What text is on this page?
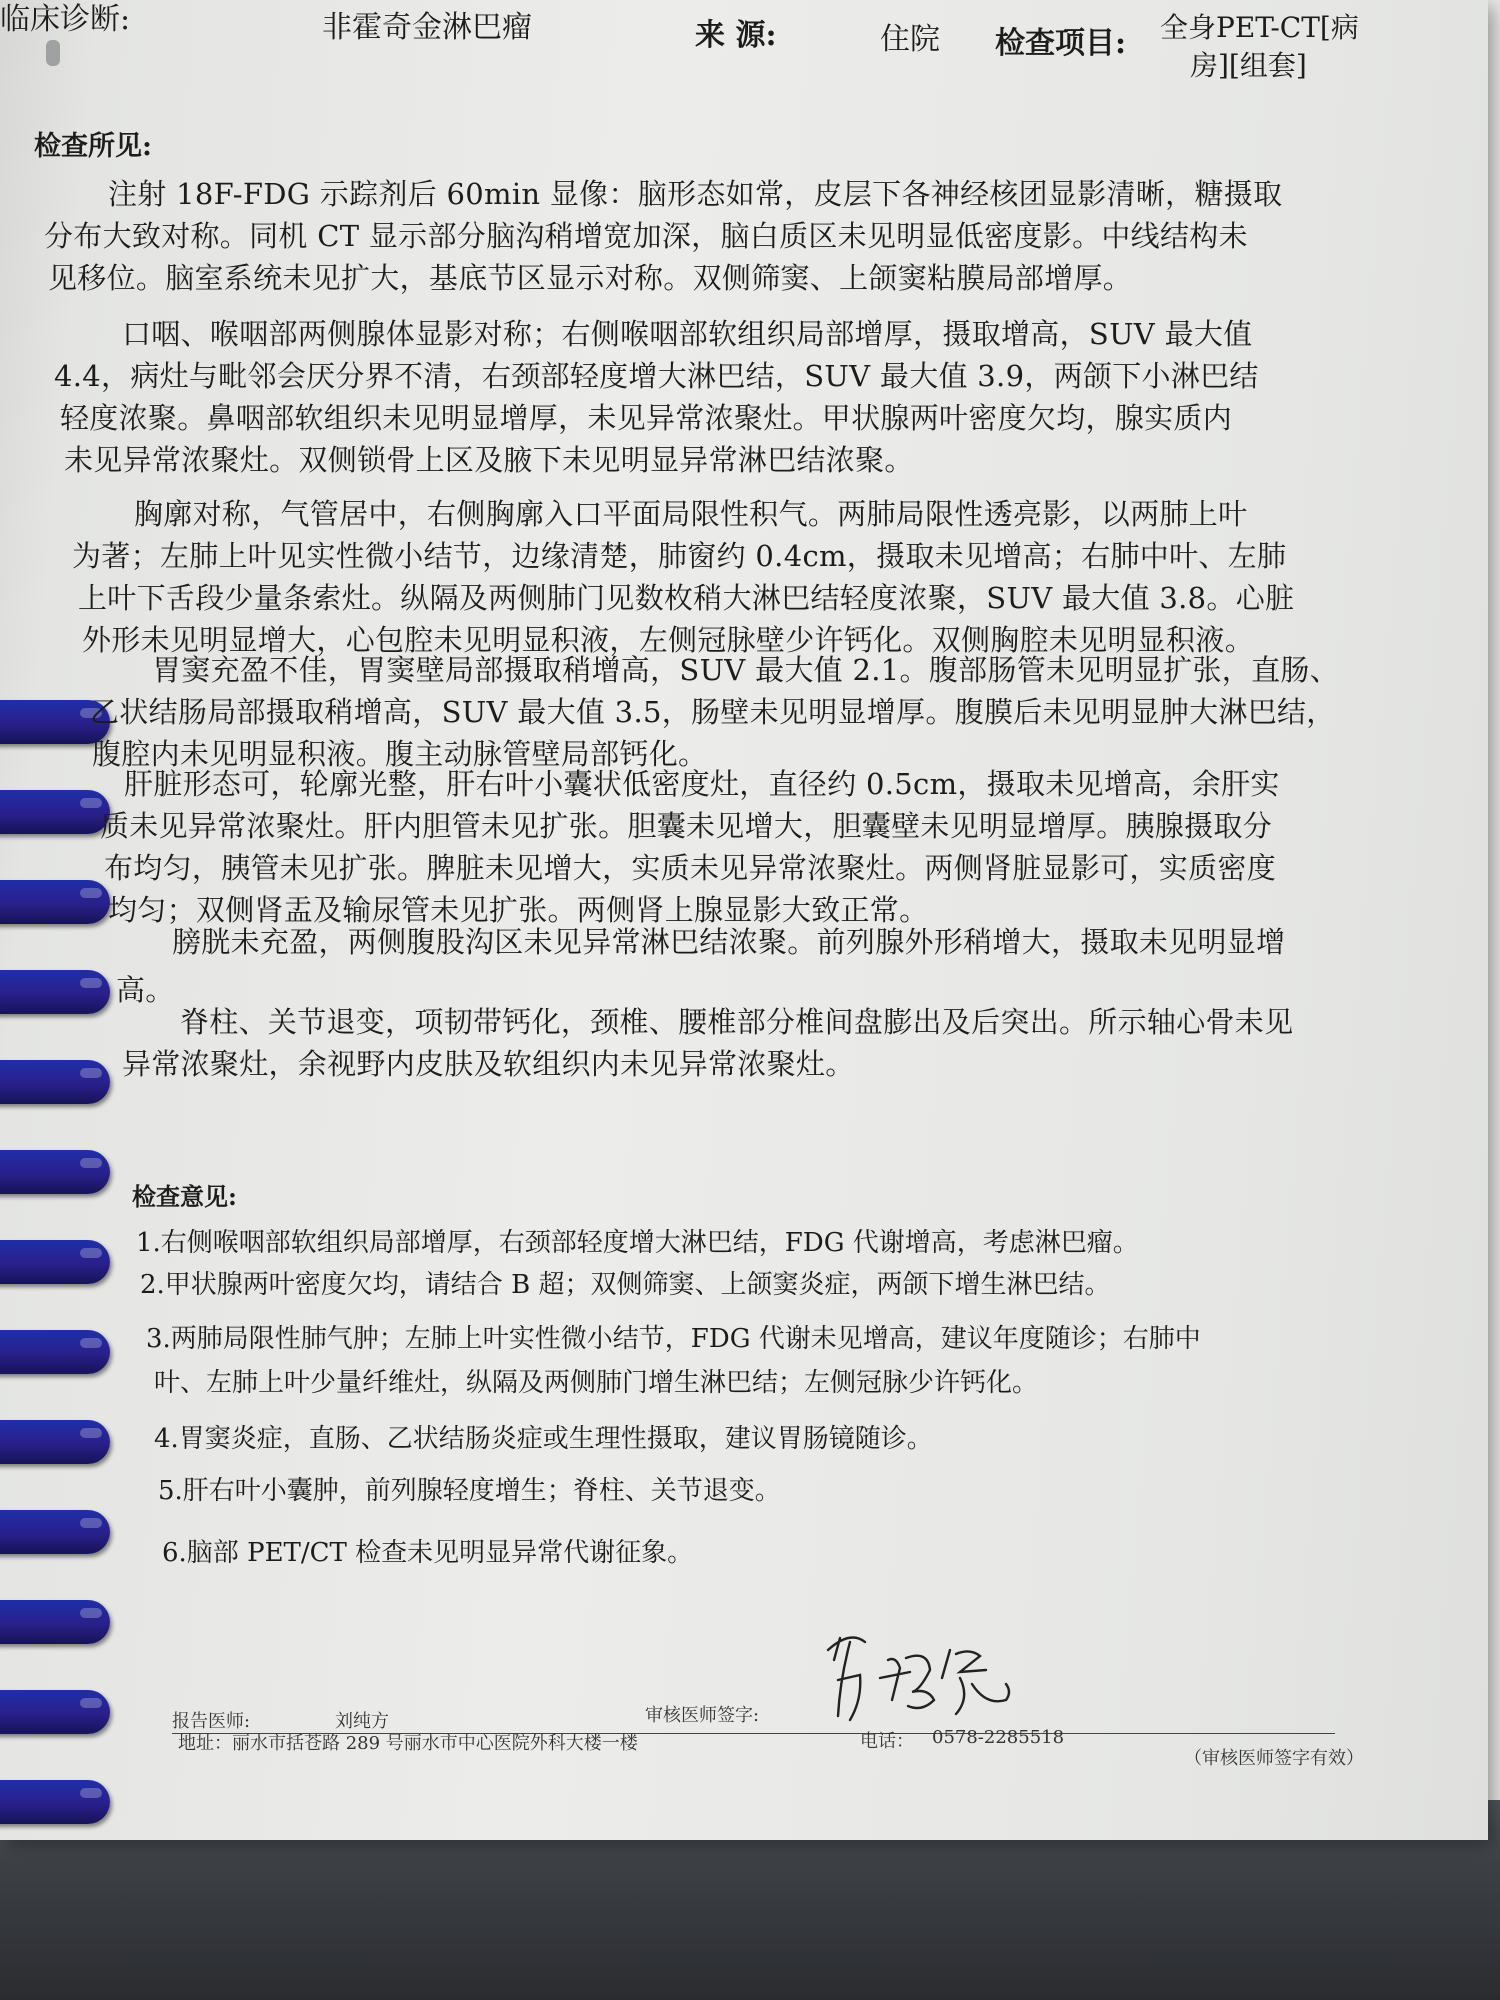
临床诊断:	非霍奇金淋巴瘤	来 源:	住院 检查项目: 全身PET-CT[病
房][组套]
检查所见:
注射 18F-FDG 示踪剂后 60min 显像：脑形态如常，皮层下各神经核团显影清晰，糖摄取
分布大致对称。同机 CT 显示部分脑沟稍增宽加深，脑白质区未见明显低密度影。中线结构未
见移位。脑室系统未见扩大，基底节区显示对称。双侧筛窦、上颌窦粘膜局部增厚。
口咽、喉咽部两侧腺体显影对称；右侧喉咽部软组织局部增厚，摄取增高，SUV 最大值
4.4，病灶与毗邻会厌分界不清，右颈部轻度增大淋巴结，SUV 最大值 3.9，两颌下小淋巴结
轻度浓聚。鼻咽部软组织未见明显增厚，未见异常浓聚灶。甲状腺两叶密度欠均，腺实质内
未见异常浓聚灶。双侧锁骨上区及腋下未见明显异常淋巴结浓聚。
胸廓对称，气管居中，右侧胸廓入口平面局限性积气。两肺局限性透亮影，以两肺上叶
为著；左肺上叶见实性微小结节，边缘清楚，肺窗约 0.4cm，摄取未见增高；右肺中叶、左肺
上叶下舌段少量条索灶。纵隔及两侧肺门见数枚稍大淋巴结轻度浓聚，SUV 最大值 3.8。心脏
外形未见明显增大，心包腔未见明显积液，左侧冠脉壁少许钙化。双侧胸腔未见明显积液。
胃窦充盈不佳，胃窦壁局部摄取稍增高，SUV 最大值 2.1。腹部肠管未见明显扩张，直肠、
乙状结肠局部摄取稍增高，SUV 最大值 3.5，肠壁未见明显增厚。腹膜后未见明显肿大淋巴结，
腹腔内未见明显积液。腹主动脉管壁局部钙化。
肝脏形态可，轮廓光整，肝右叶小囊状低密度灶，直径约 0.5cm，摄取未见增高，余肝实
质未见异常浓聚灶。肝内胆管未见扩张。胆囊未见增大，胆囊壁未见明显增厚。胰腺摄取分
布均匀，胰管未见扩张。脾脏未见增大，实质未见异常浓聚灶。两侧肾脏显影可，实质密度
均匀；双侧肾盂及输尿管未见扩张。两侧肾上腺显影大致正常。
膀胱未充盈，两侧腹股沟区未见异常淋巴结浓聚。前列腺外形稍增大，摄取未见明显增
高。
脊柱、关节退变，项韧带钙化，颈椎、腰椎部分椎间盘膨出及后突出。所示轴心骨未见
异常浓聚灶，余视野内皮肤及软组织内未见异常浓聚灶。
检查意见:
1.右侧喉咽部软组织局部增厚，右颈部轻度增大淋巴结，FDG 代谢增高，考虑淋巴瘤。
2.甲状腺两叶密度欠均，请结合 B 超；双侧筛窦、上颌窦炎症，两颌下增生淋巴结。
3.两肺局限性肺气肿；左肺上叶实性微小结节，FDG 代谢未见增高，建议年度随诊；右肺中
叶、左肺上叶少量纤维灶，纵隔及两侧肺门增生淋巴结；左侧冠脉少许钙化。
4.胃窦炎症，直肠、乙状结肠炎症或生理性摄取，建议胃肠镜随诊。
5.肝右叶小囊肿，前列腺轻度增生；脊柱、关节退变。
6.脑部 PET/CT 检查未见明显异常代谢征象。
报告医师:	刘纯方	审核医师签字:
地址：丽水市括苍路 289 号丽水市中心医院外科大楼一楼	电话： 0578-2285518
（审核医师签字有效）
